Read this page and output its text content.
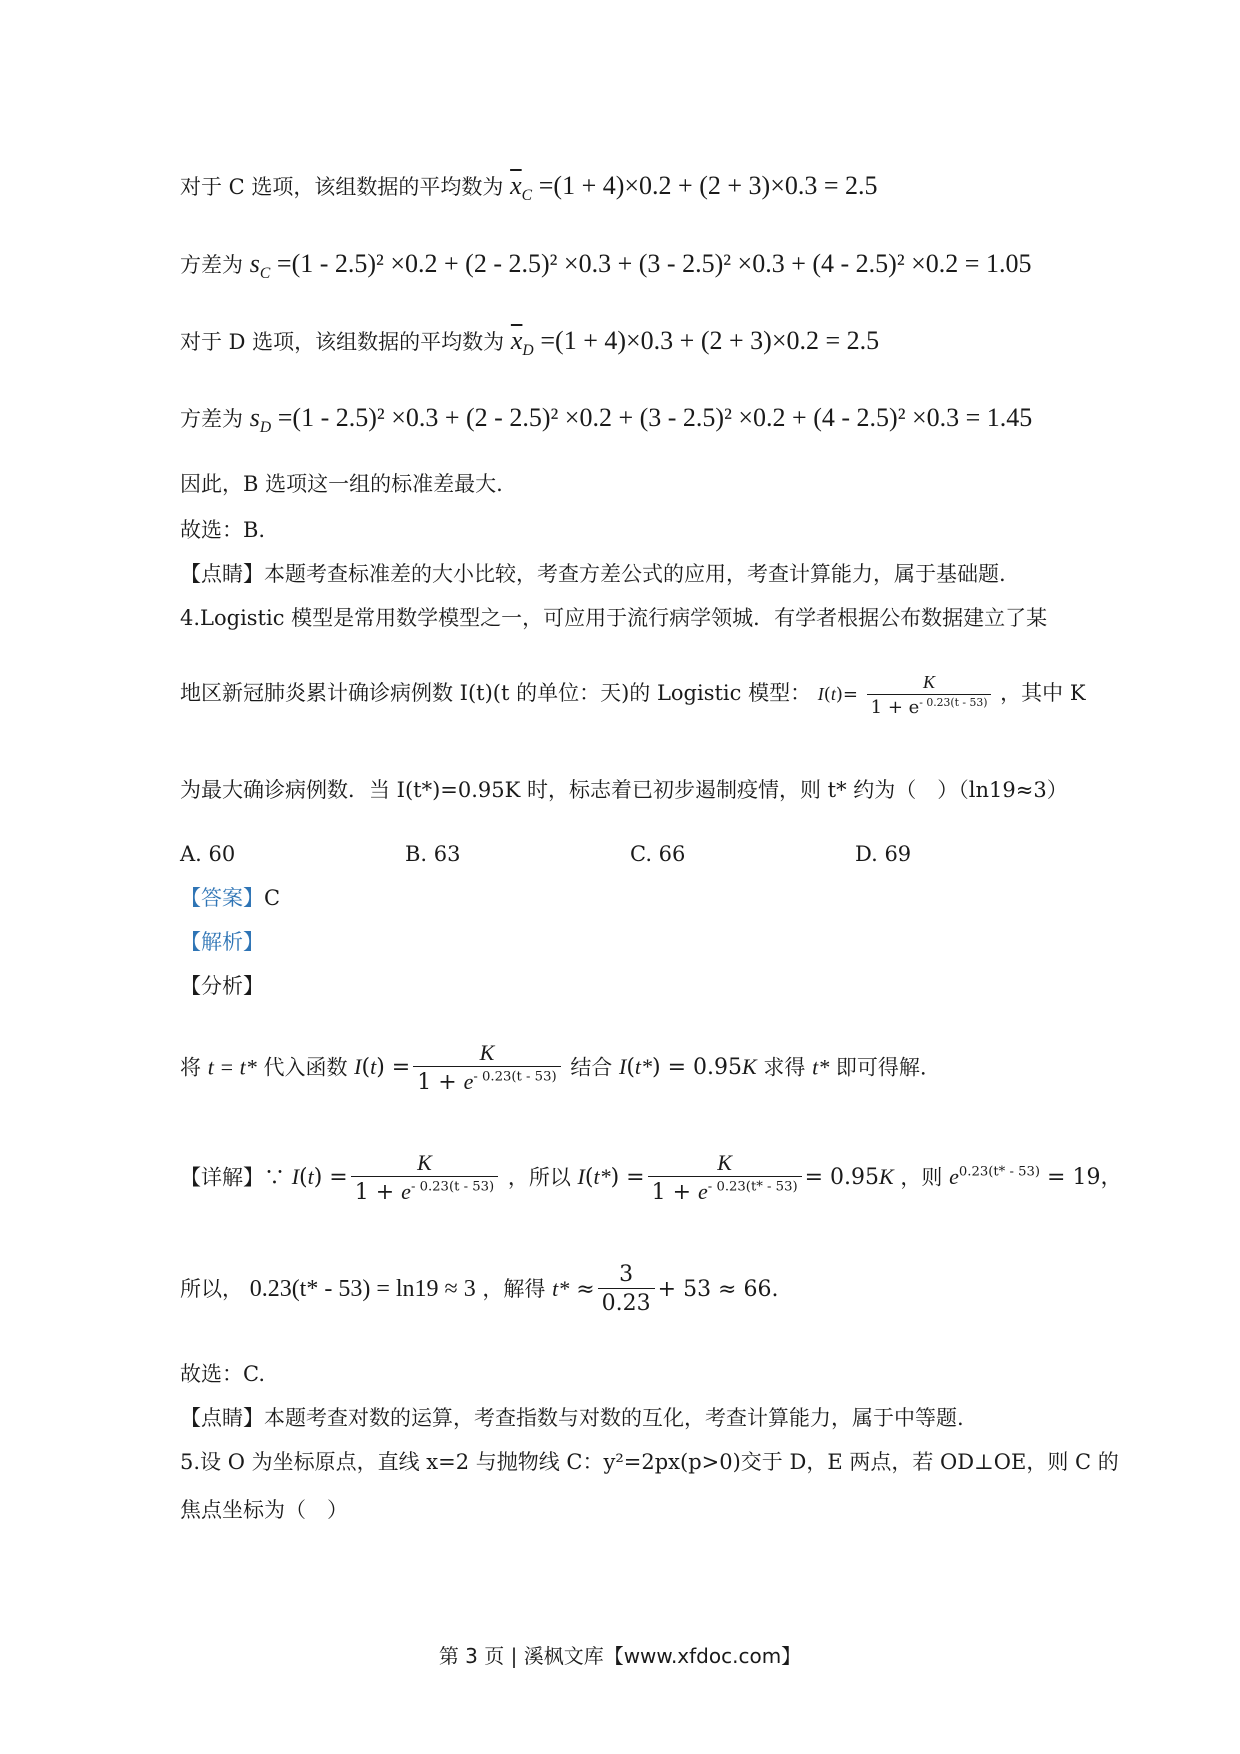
对于 C 选项，该组数据的平均数为 $\overline{x}_C =(1 + 4)\times 0.2 + (2 + 3)\times 0.3 = 2.5$
方差为 $s_C =(1 - 2.5)^2 \times 0.2 + (2 - 2.5)^2 \times 0.3 + (3 - 2.5)^2 \times 0.3 + (4 - 2.5)^2 \times 0.2 = 1.05$
对于 D 选项，该组数据的平均数为 $\overline{x}_D =(1 + 4)\times 0.3 + (2 + 3)\times 0.2 = 2.5$
方差为 $s_D =(1 - 2.5)^2 \times 0.3 + (2 - 2.5)^2 \times 0.2 + (3 - 2.5)^2 \times 0.2 + (4 - 2.5)^2 \times 0.3 = 1.45$
因此，B 选项这一组的标准差最大.
故选：B.
【点睛】本题考查标准差的大小比较，考查方差公式的应用，考查计算能力，属于基础题.
4.Logistic 模型是常用数学模型之一，可应用于流行病学领城．有学者根据公布数据建立了某
地区新冠肺炎累计确诊病例数 I(t)(t 的单位：天)的 Logistic 模型： $I(t)= \frac{K}{1 + e^{- 0.23(t - 53)}}$ ，其中 K
为最大确诊病例数．当 I(t*)=0.95K 时，标志着已初步遏制疫情，则 t* 约为（　）（ln19≈3）
A. 60	B. 63	C. 66	D. 69
【答案】C
【解析】
【分析】
将 t = t* 代入函数 $I(t) = \frac{K}{1 + e^{- 0.23(t - 53)}}$ 结合 I(t*) = 0.95K 求得 t* 即可得解.
【详解】∵ $I(t) = \frac{K}{1 + e^{- 0.23(t - 53)}}$ ，所以 $I(t*) = \frac{K}{1 + e^{- 0.23(t* - 53)}} = 0.95K$ ，则 $e^{0.23(t* - 53)} = 19$，
所以， 0.23(t* - 53) = ln19 ≈ 3 ，解得 $t* \approx \frac{3}{0.23} + 53 \approx 66$.
故选：C.
【点睛】本题考查对数的运算，考查指数与对数的互化，考查计算能力，属于中等题.
5.设 O 为坐标原点，直线 x=2 与抛物线 C：y²=2px(p>0)交于 D，E 两点，若 OD⊥OE，则 C 的
焦点坐标为（　）
第 3 页 | 溪枫文库【www.xfdoc.com】
